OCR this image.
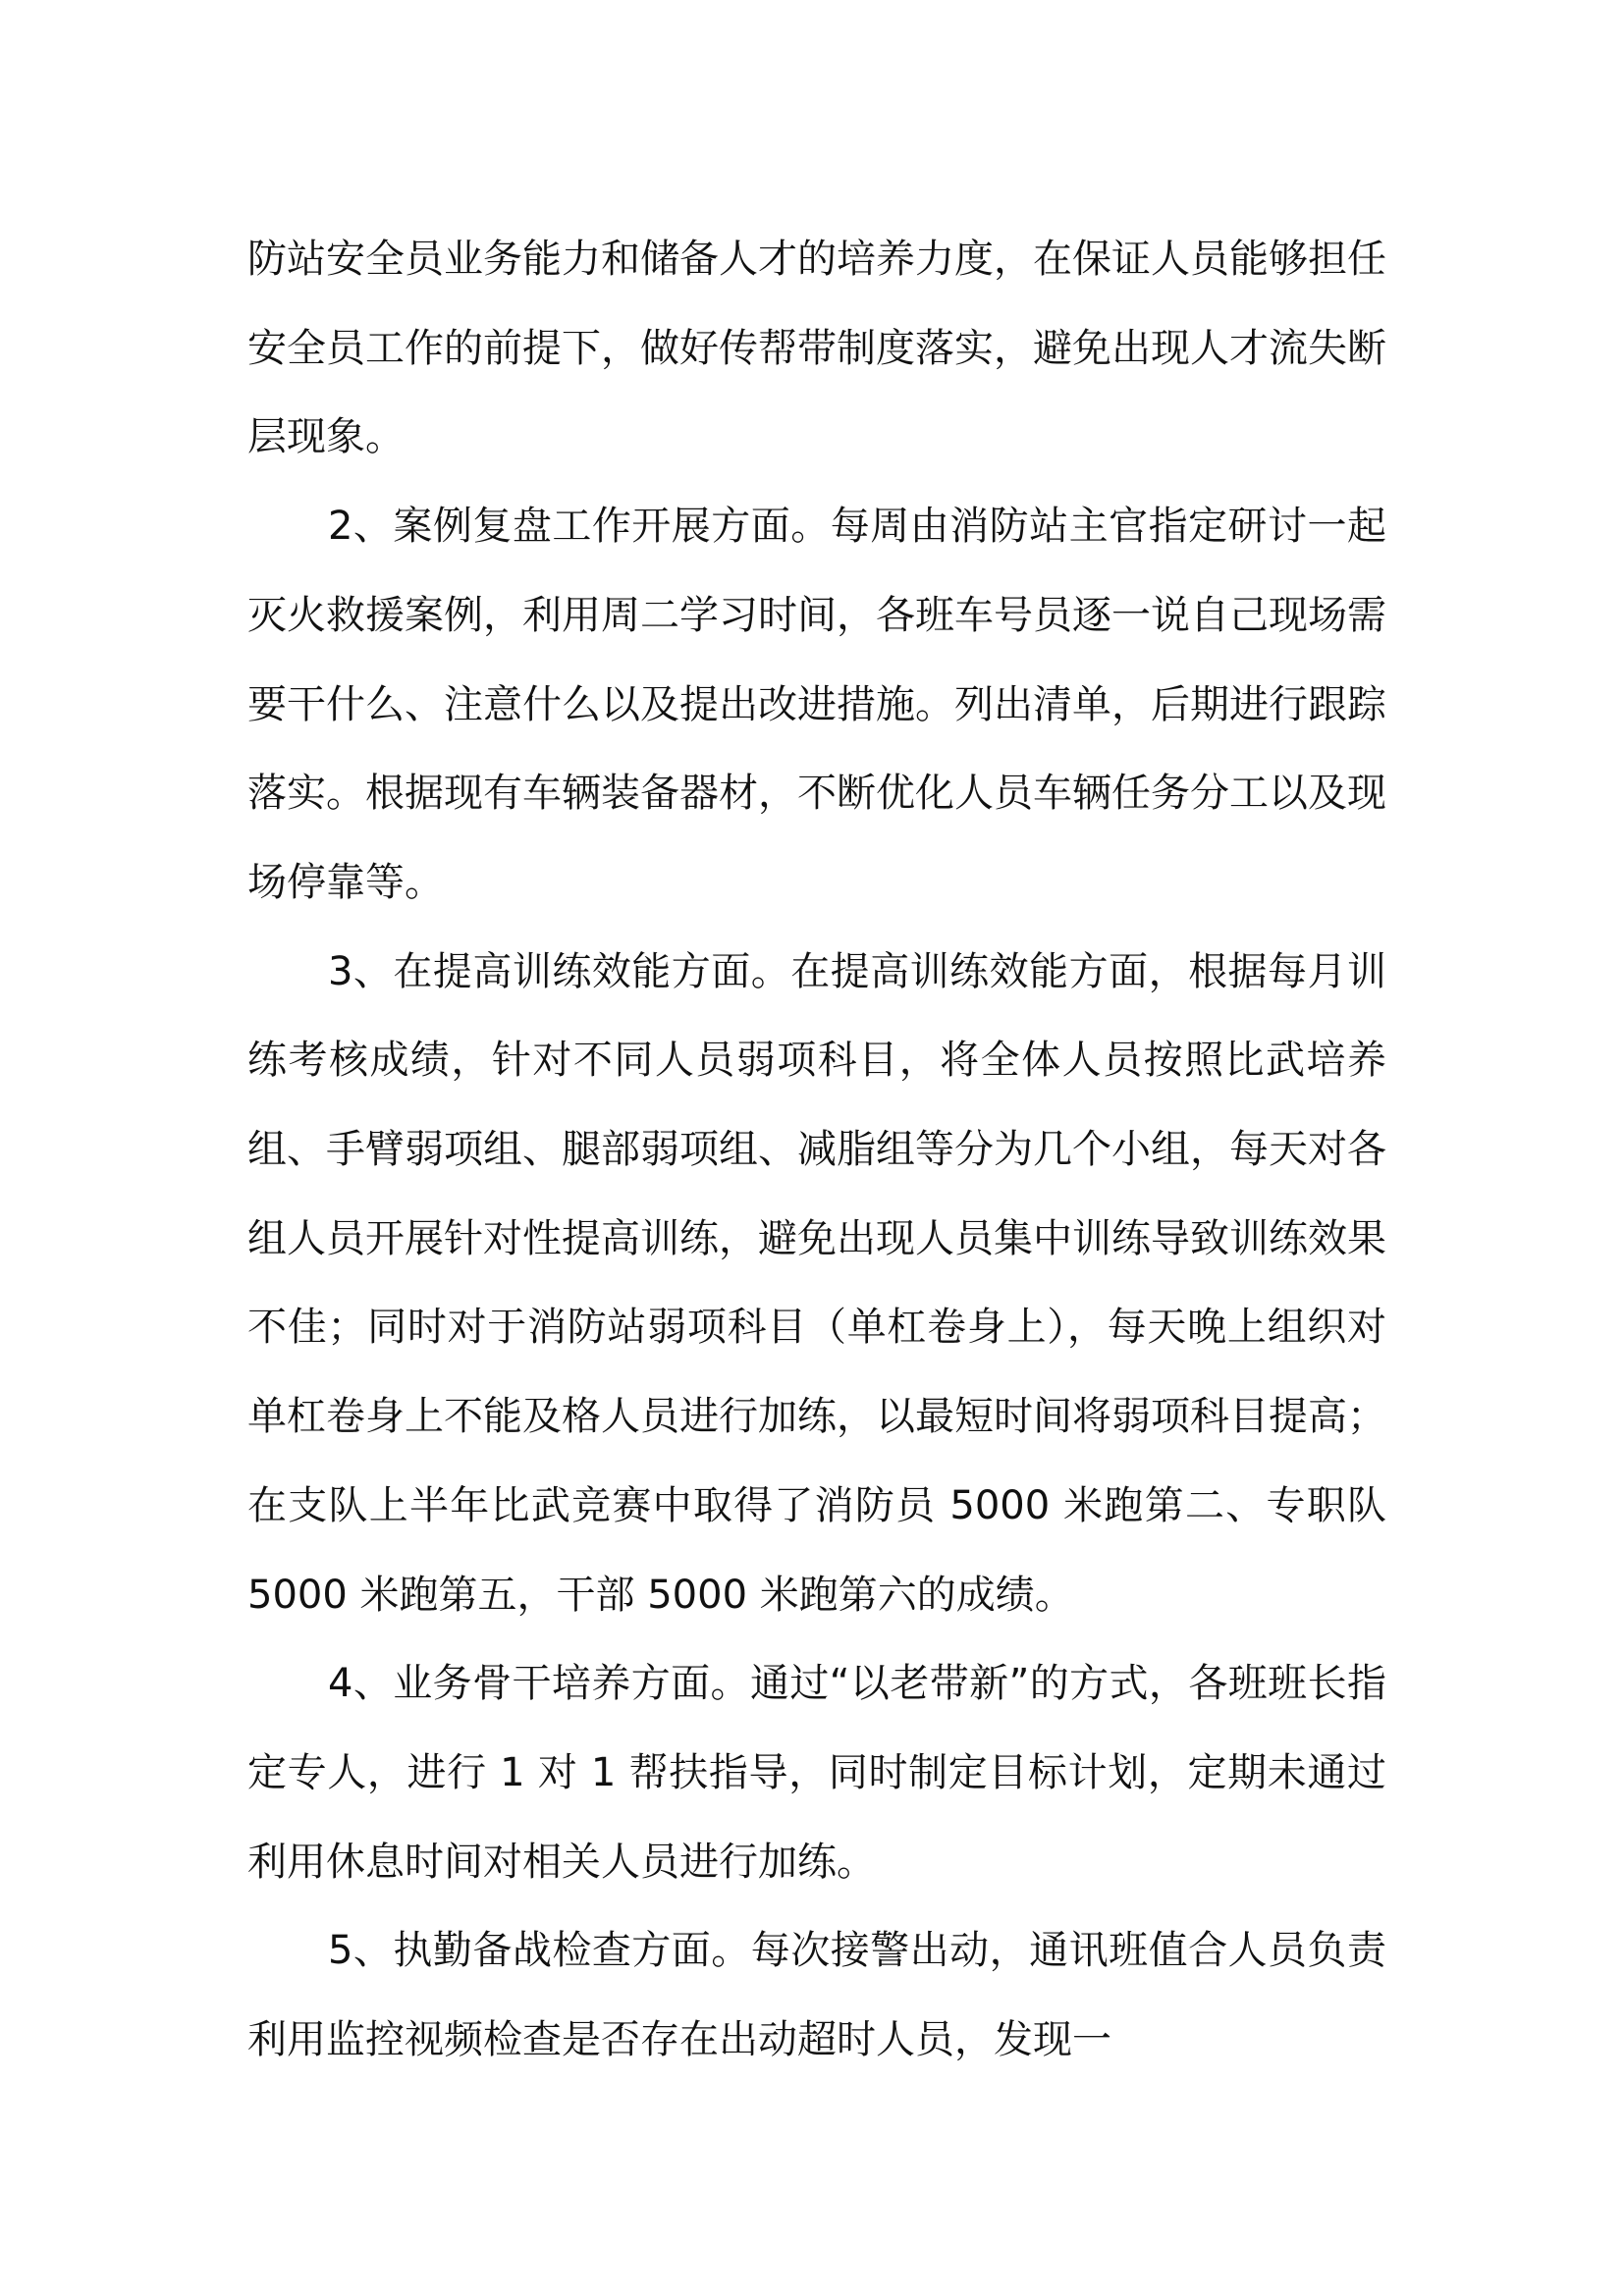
防站安全员业务能力和储备人才的培养力度，在保证人员能够担任安全员工作的前提下，做好传帮带制度落实，避免出现人才流失断层现象。

2、案例复盘工作开展方面。每周由消防站主官指定研讨一起灭火救援案例，利用周二学习时间，各班车号员逐一说自己现场需要干什么、注意什么以及提出改进措施。列出清单，后期进行跟踪落实。根据现有车辆装备器材，不断优化人员车辆任务分工以及现场停靠等。

3、在提高训练效能方面。在提高训练效能方面，根据每月训练考核成绩，针对不同人员弱项科目，将全体人员按照比武培养组、手臂弱项组、腿部弱项组、减脂组等分为几个小组，每天对各组人员开展针对性提高训练，避免出现人员集中训练导致训练效果不佳；同时对于消防站弱项科目（单杠卷身上），每天晚上组织对单杠卷身上不能及格人员进行加练，以最短时间将弱项科目提高；在支队上半年比武竞赛中取得了消防员 5000 米跑第二、专职队 5000 米跑第五，干部 5000 米跑第六的成绩。

4、业务骨干培养方面。通过“以老带新”的方式，各班班长指定专人，进行 1 对 1 帮扶指导，同时制定目标计划，定期未通过利用休息时间对相关人员进行加练。

5、执勤备战检查方面。每次接警出动，通讯班值合人员负责利用监控视频检查是否存在出动超时人员，发现一
